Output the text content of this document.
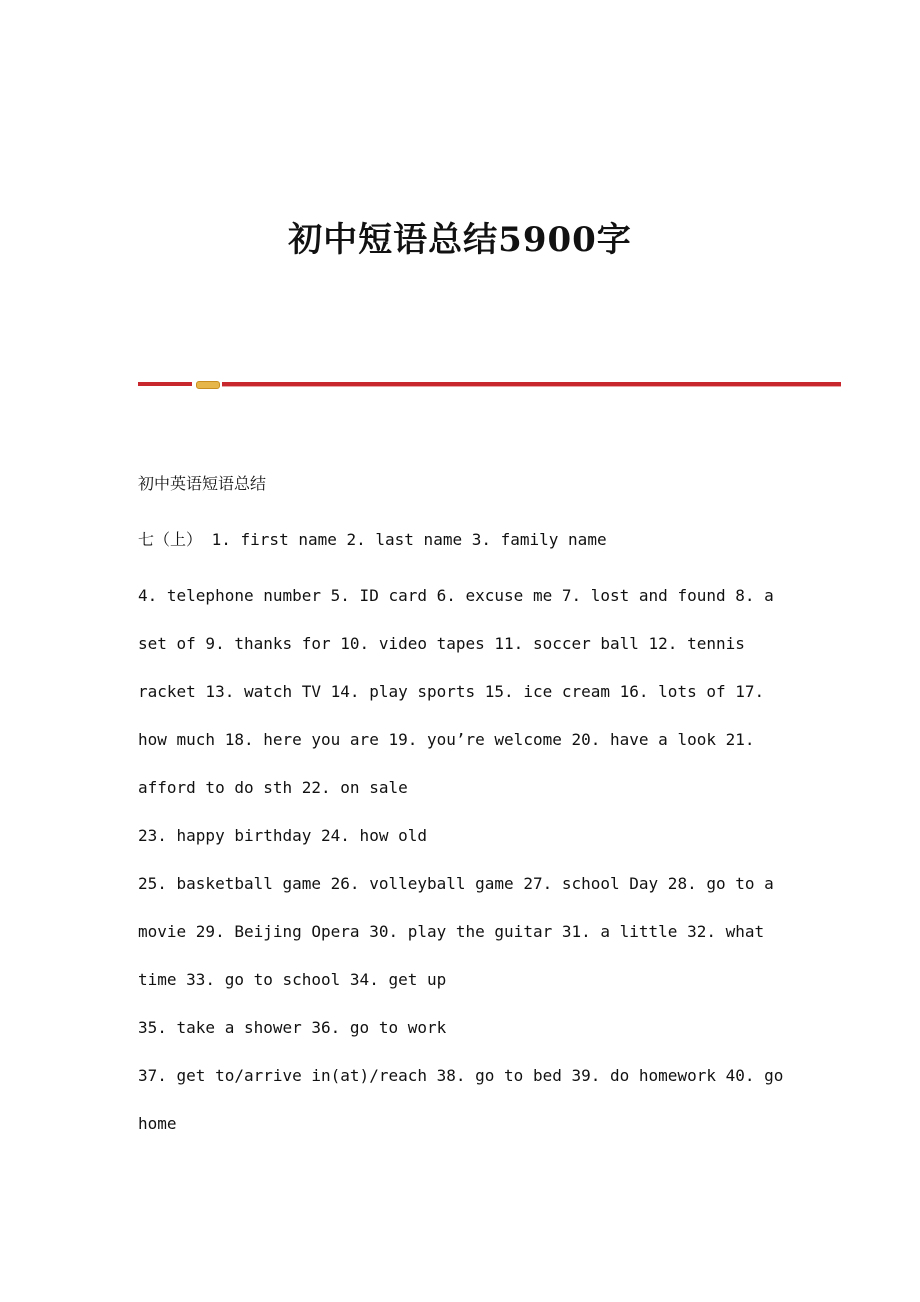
初中短语总结5900字

初中英语短语总结

七（上） 1. first name 2. last name 3. family name

4. telephone number 5. ID card 6. excuse me 7. lost and found 8. a set of 9. thanks for 10. video tapes 11. soccer ball 12. tennis racket 13. watch TV 14. play sports 15. ice cream 16. lots of 17. how much 18. here you are 19. you’re welcome 20. have a look 21. afford to do sth 22. on sale

23. happy birthday 24. how old

25. basketball game 26. volleyball game 27. school Day 28. go to a movie 29. Beijing Opera 30. play the guitar 31. a little 32. what time 33. go to school 34. get up

35. take a shower 36. go to work

37. get to/arrive in(at)/reach 38. go to bed 39. do homework 40. go home
